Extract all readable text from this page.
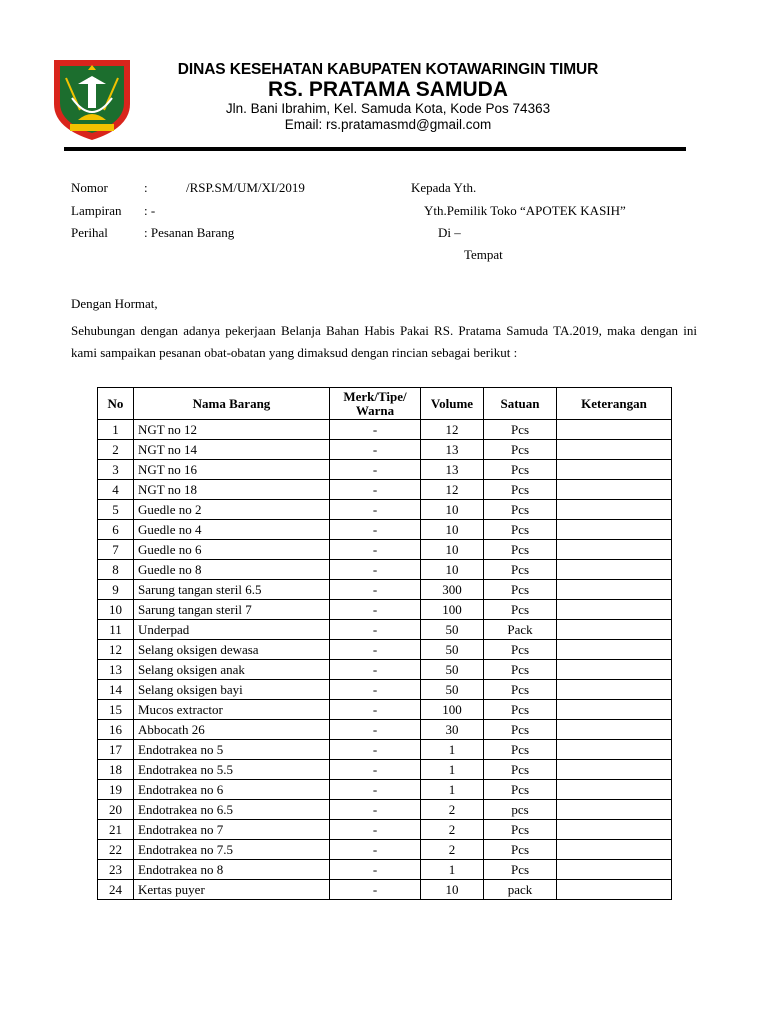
DINAS KESEHATAN KABUPATEN KOTAWARINGIN TIMUR
RS. PRATAMA SAMUDA
Jln. Bani Ibrahim, Kel. Samuda Kota, Kode Pos 74363
Email: rs.pratamasmd@gmail.com
Nomor	:	/RSP.SM/UM/XI/2019	Kepada Yth.
Lampiran : -	Yth.Pemilik Toko “APOTEK KASIH”
Perihal	: Pesanan Barang	Di –
Tempat
Dengan Hormat,

Sehubungan dengan adanya pekerjaan Belanja Bahan Habis Pakai RS. Pratama Samuda TA.2019, maka dengan ini kami sampaikan pesanan obat-obatan yang dimaksud dengan rincian sebagai berikut :

No	Nama Barang	Merk/Tipe/ Warna	Volume	Satuan	Keterangan
1	NGT no 12	-	12	Pcs	
2	NGT no 14	-	13	Pcs	
3	NGT no 16	-	13	Pcs	
4	NGT no 18	-	12	Pcs	
5	Guedle no 2	-	10	Pcs	
6	Guedle no 4	-	10	Pcs	
7	Guedle no 6	-	10	Pcs	
8	Guedle no 8	-	10	Pcs	
9	Sarung tangan steril 6.5	-	300	Pcs	
10	Sarung tangan steril 7	-	100	Pcs	
11	Underpad	-	50	Pack	
12	Selang oksigen dewasa	-	50	Pcs	
13	Selang oksigen anak	-	50	Pcs	
14	Selang oksigen bayi	-	50	Pcs	
15	Mucos extractor	-	100	Pcs	
16	Abbocath 26	-	30	Pcs	
17	Endotrakea no 5	-	1	Pcs	
18	Endotrakea no 5.5	-	1	Pcs	
19	Endotrakea no 6	-	1	Pcs	
20	Endotrakea no 6.5	-	2	pcs	
21	Endotrakea no 7	-	2	Pcs	
22	Endotrakea no 7.5	-	2	Pcs	
23	Endotrakea no 8	-	1	Pcs	
24	Kertas puyer	-	10	pack	
